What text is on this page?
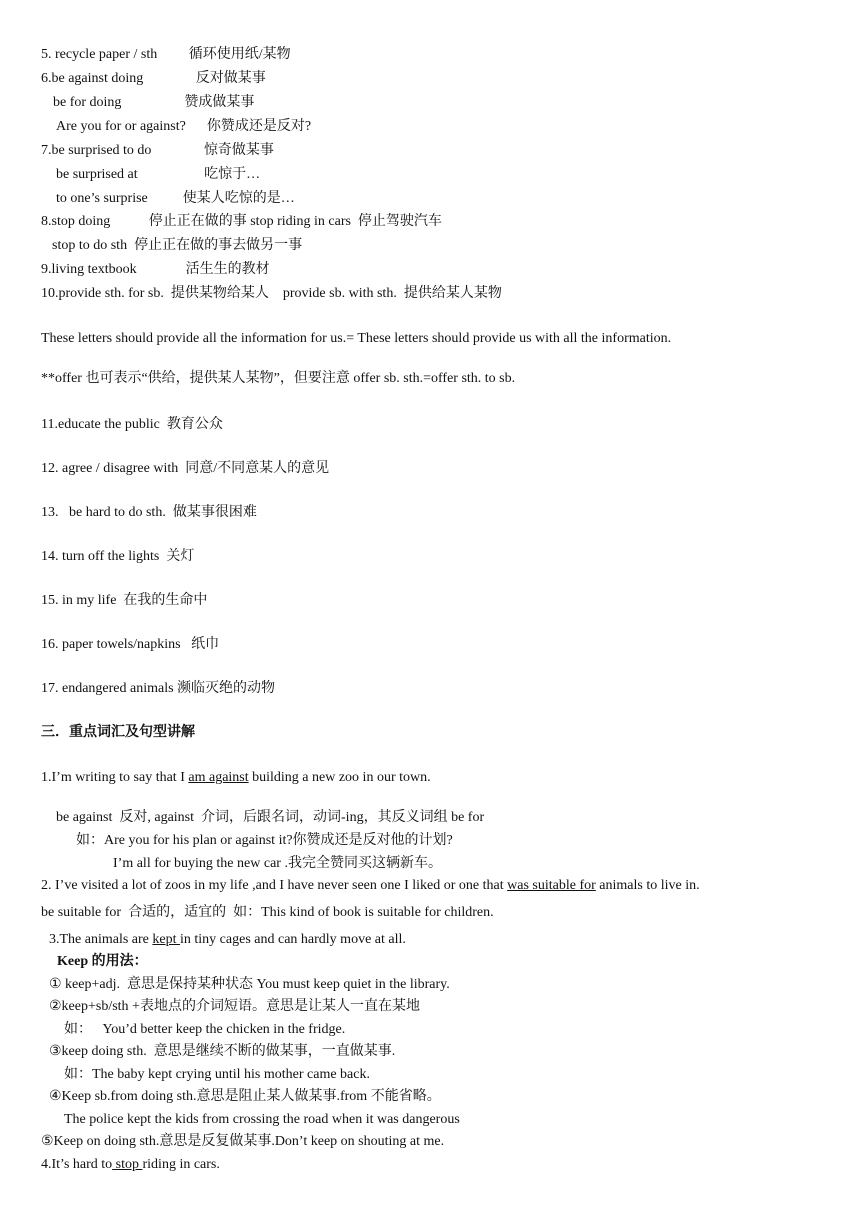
5. recycle paper / sth         循环使用纸/某物
6.be against doing               反对做某事
be for doing                  赞成做某事
Are you for or against?      你赞成还是反对?
7.be surprised to do               惊奇做某事
be surprised at                   吃惊于…
to one’s surprise          使某人吃惊的是…
8.stop doing           停止正在做的事 stop riding in cars  停止驾驶汽车
stop to do sth  停止正在做的事去做另一事
9.living textbook              活生生的教材
10.provide sth. for sb.  提供某物给某人    provide sb. with sth.  提供给某人某物
These letters should provide all the information for us.= These letters should provide us with all the information.
**offer 也可表示“供给，提供某人某物”，但要注意 offer sb. sth.=offer sth. to sb.
11.educate the public  教育公众
12. agree / disagree with  同意/不同意某人的意见
13.   be hard to do sth.  做某事很困难
14. turn off the lights  关灯
15. in my life  在我的生命中
16. paper towels/napkins   纸巾
17. endangered animals 濒临灭绝的动物
三．重点词汇及句型讲解
1.I’m writing to say that I am against building a new zoo in our town.
be against  反对, against  介词，后跟名词，动词-ing，其反义词组 be for
如：Are you for his plan or against it?你赞成还是反对他的计划?
I’m all for buying the new car .我完全赞同买这辆新车。
2. I’ve visited a lot of zoos in my life ,and I have never seen one I liked or one that was suitable for animals to live in.
be suitable for  合适的，适宜的  如：This kind of book is suitable for children.
3.The animals are kept in tiny cages and can hardly move at all.
Keep 的用法：
① keep+adj.  意思是保持某种状态 You must keep quiet in the library.
②keep+sb/sth +表地点的介词短语。意思是让某人一直在某地
如：   You’d better keep the chicken in the fridge.
③keep doing sth.  意思是继续不断的做某事，一直做某事.
如：The baby kept crying until his mother came back.
④Keep sb.from doing sth.意思是阻止某人做某事.from 不能省略。
The police kept the kids from crossing the road when it was dangerous
⑤Keep on doing sth.意思是反复做某事.Don’t keep on shouting at me.
4.It’s hard to stop riding in cars.
